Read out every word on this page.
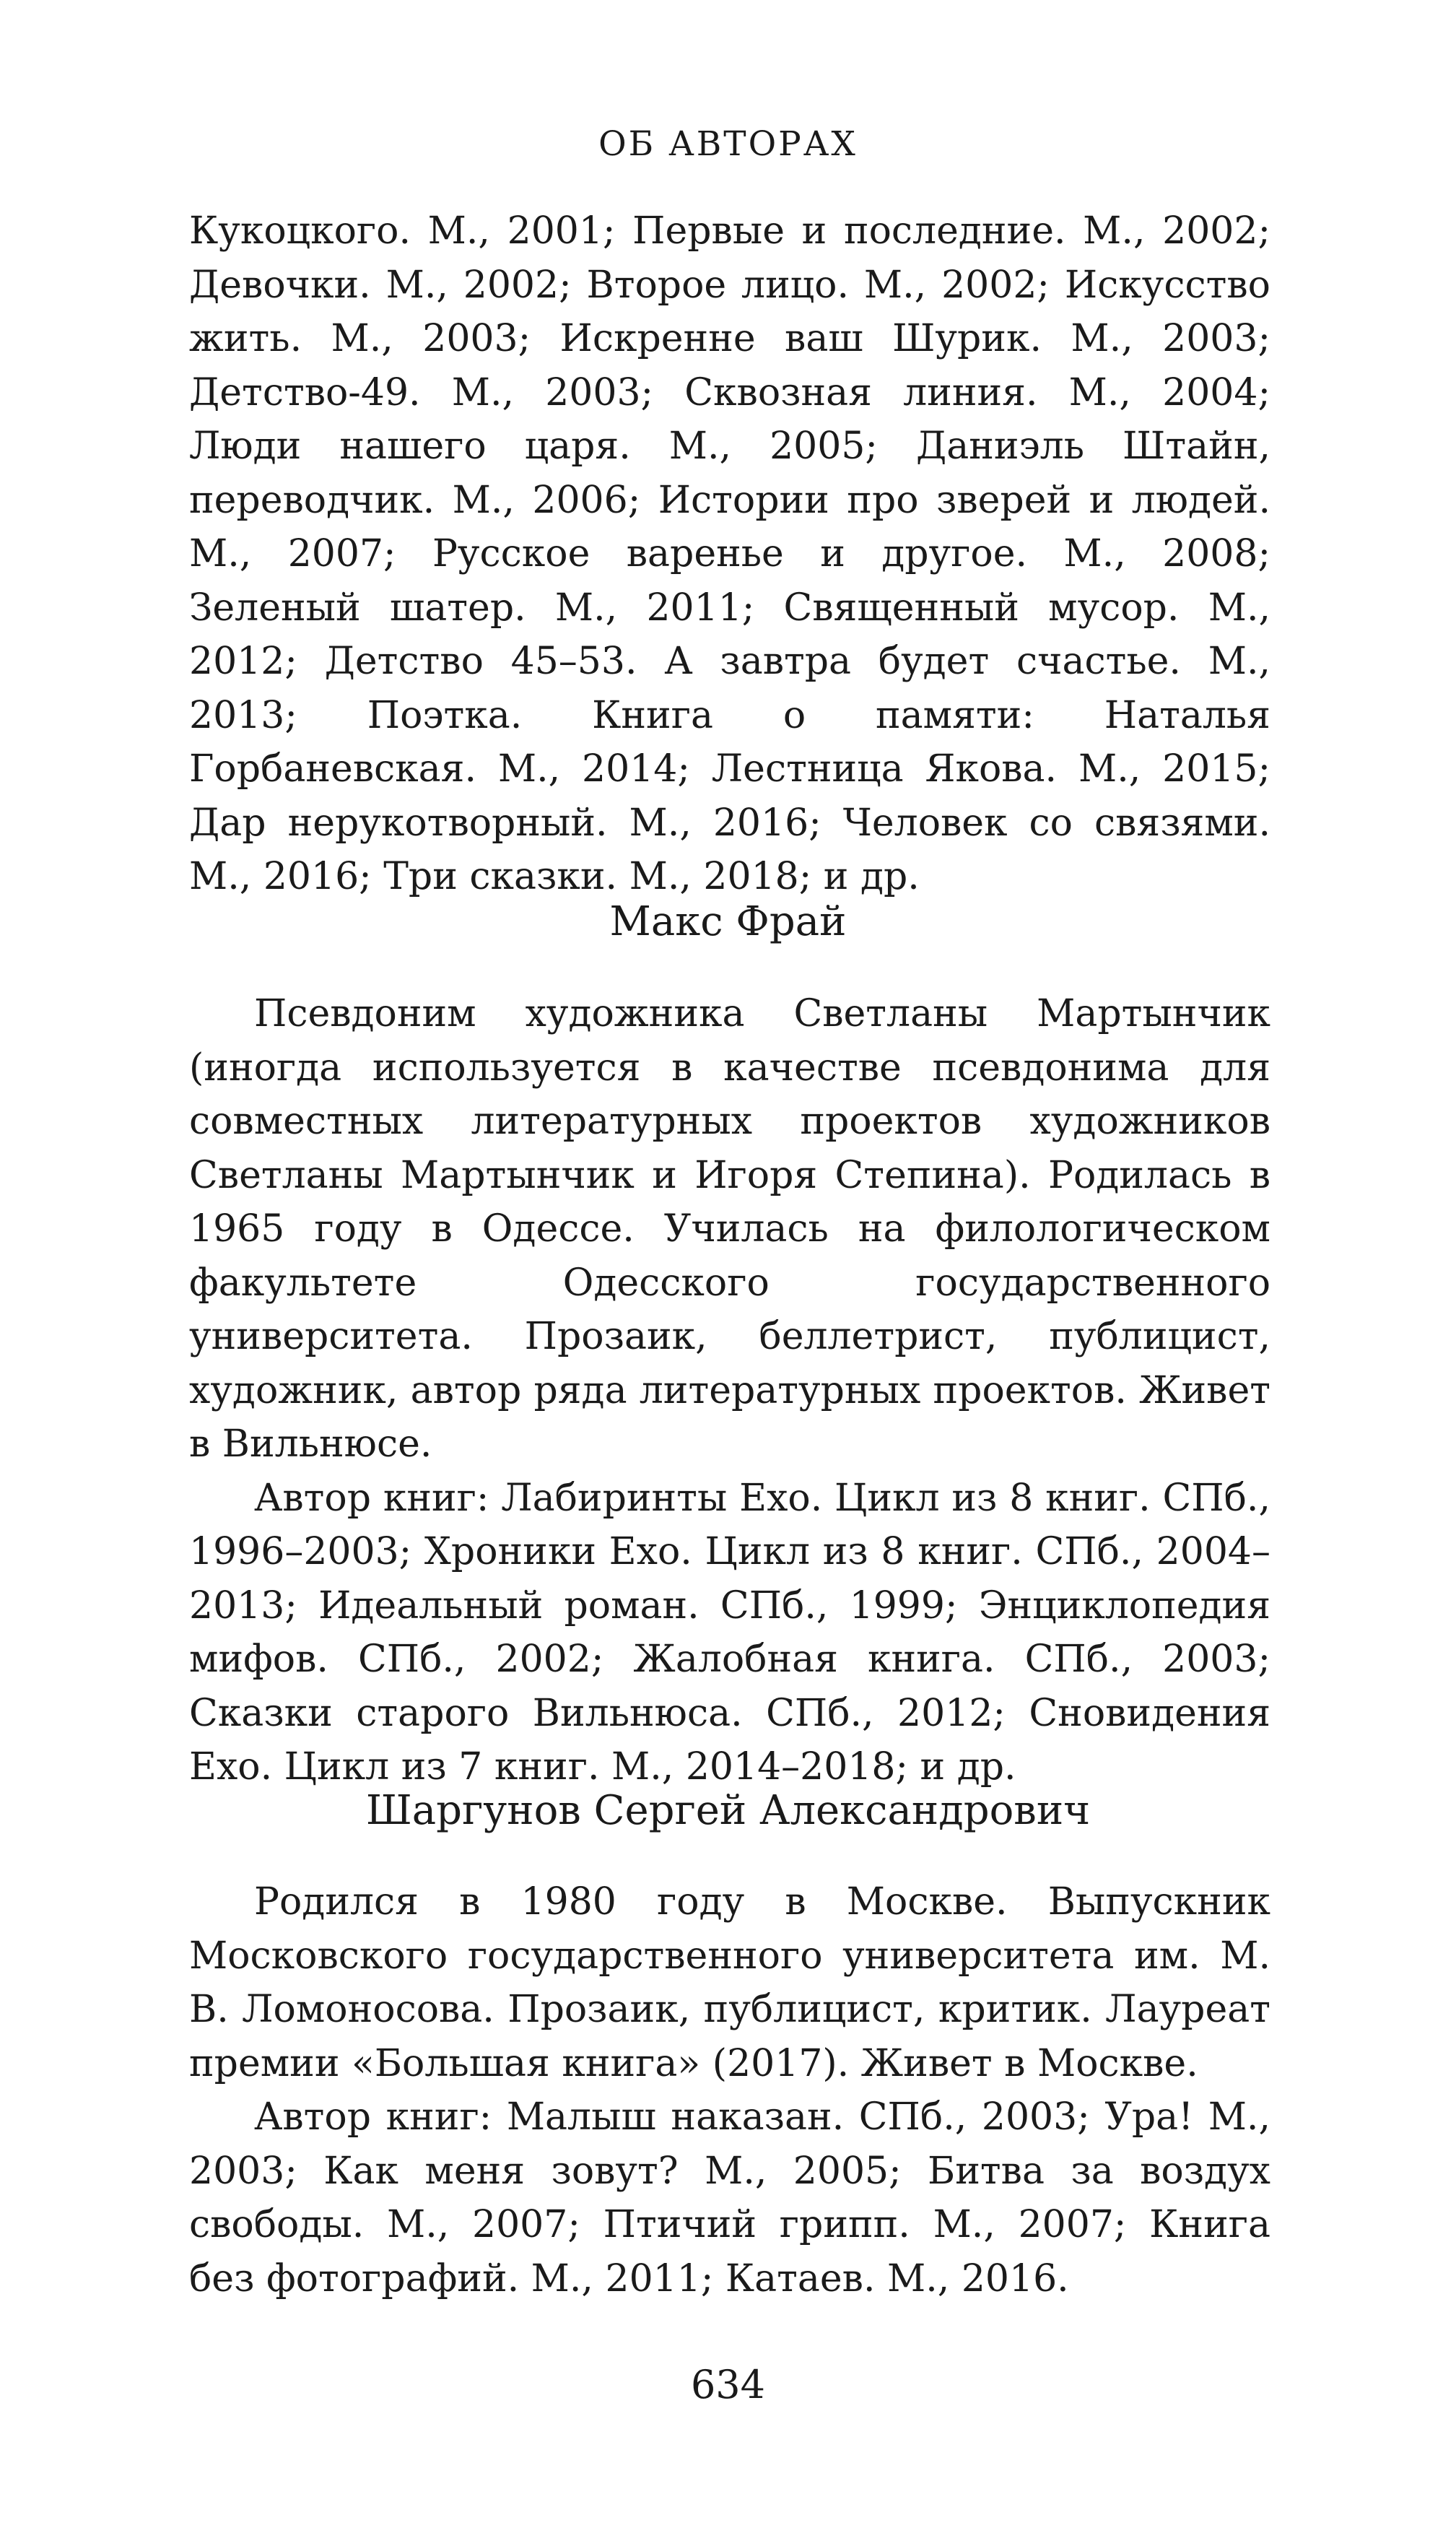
ОБ АВТОРАХ

Кукоцкого. М., 2001; Первые и последние. М., 2002; Девочки. М., 2002; Второе лицо. М., 2002; Искусство жить. М., 2003; Искренне ваш Шурик. М., 2003; Детство-49. М., 2003; Сквозная линия. М., 2004; Люди нашего царя. М., 2005; Даниэль Штайн, переводчик. М., 2006; Истории про зверей и людей. М., 2007; Русское варенье и другое. М., 2008; Зеленый шатер. М., 2011; Священный мусор. М., 2012; Детство 45–53. А завтра будет счастье. М., 2013; Поэтка. Книга о памяти: Наталья Горбаневская. М., 2014; Лестница Якова. М., 2015; Дар нерукотворный. М., 2016; Человек со связями. М., 2016; Три сказки. М., 2018; и др.

Макс Фрай

Псевдоним художника Светланы Мартынчик (иногда используется в качестве псевдонима для совместных литературных проектов художников Светланы Мартынчик и Игоря Степина). Родилась в 1965 году в Одессе. Училась на филологическом факультете Одесского государственного университета. Прозаик, беллетрист, публицист, художник, автор ряда литературных проектов. Живет в Вильнюсе.

Автор книг: Лабиринты Ехо. Цикл из 8 книг. СПб., 1996–2003; Хроники Ехо. Цикл из 8 книг. СПб., 2004–2013; Идеальный роман. СПб., 1999; Энциклопедия мифов. СПб., 2002; Жалобная книга. СПб., 2003; Сказки старого Вильнюса. СПб., 2012; Сновидения Ехо. Цикл из 7 книг. М., 2014–2018; и др.

Шаргунов Сергей Александрович

Родился в 1980 году в Москве. Выпускник Московского государственного университета им. М. В. Ломоносова. Прозаик, публицист, критик. Лауреат премии «Большая книга» (2017). Живет в Москве.

Автор книг: Малыш наказан. СПб., 2003; Ура! М., 2003; Как меня зовут? М., 2005; Битва за воздух свободы. М., 2007; Птичий грипп. М., 2007; Книга без фотографий. М., 2011; Катаев. М., 2016.

634
